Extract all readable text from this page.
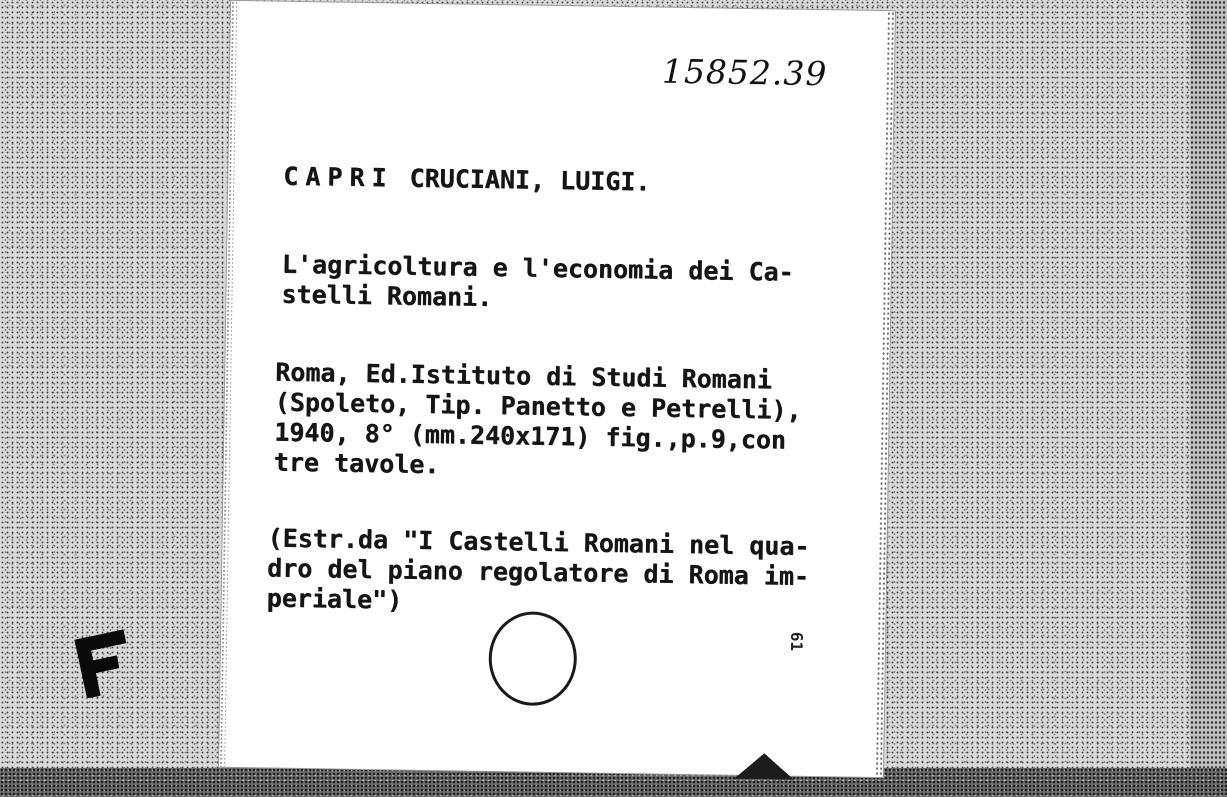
F
15852.39
CAPRI CRUCIANI, LUIGI.
L'agricoltura e l'economia dei Ca-
stelli Romani.
Roma, Ed.Istituto di Studi Romani
(Spoleto, Tip. Panetto e Petrelli),
1940, 8° (mm.240x171) fig.,p.9,con
tre tavole.
(Estr.da "I Castelli Romani nel qua-
dro del piano regolatore di Roma im-
periale")
61
